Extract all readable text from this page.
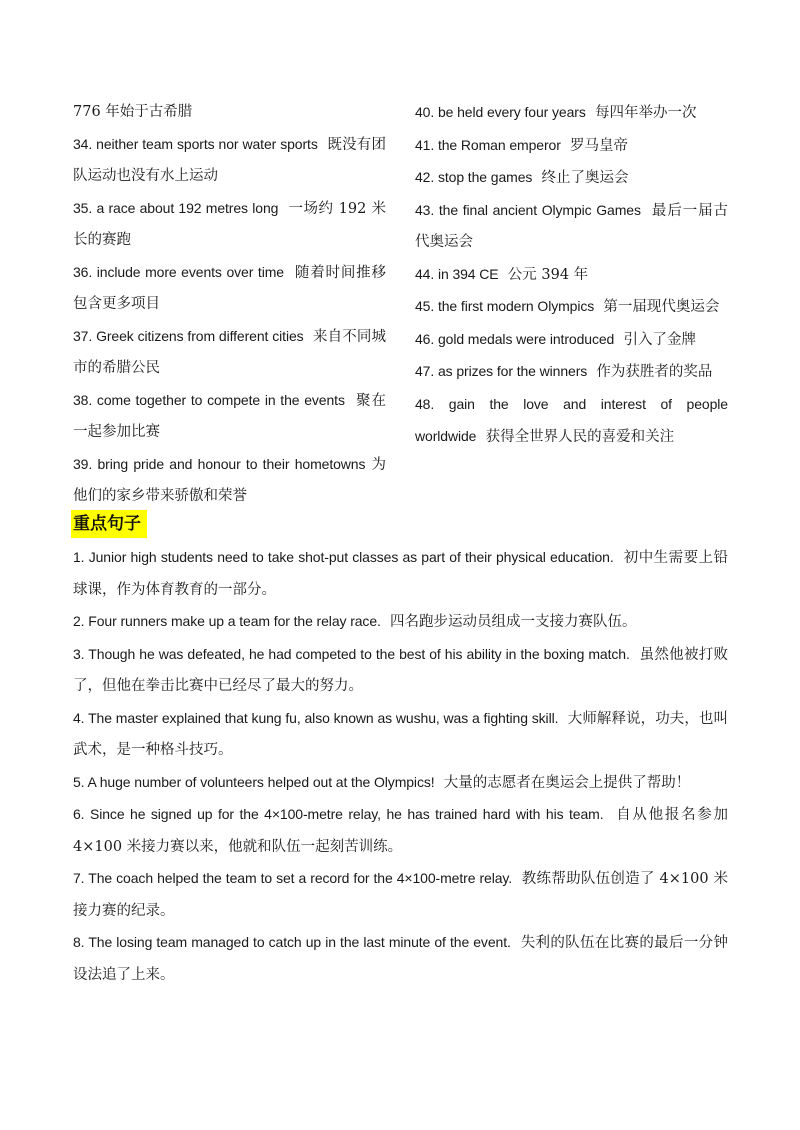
776 年始于古希腊
34. neither team sports nor water sports 既没有团队运动也没有水上运动
35. a race about 192 metres long 一场约 192 米长的赛跑
36. include more events over time 随着时间推移包含更多项目
37. Greek citizens from different cities 来自不同城市的希腊公民
38. come together to compete in the events 聚在一起参加比赛
39. bring pride and honour to their hometowns 为他们的家乡带来骄傲和荣誉
40. be held every four years 每四年举办一次
41. the Roman emperor 罗马皇帝
42. stop the games 终止了奥运会
43. the final ancient Olympic Games 最后一届古代奥运会
44. in 394 CE 公元 394 年
45. the first modern Olympics 第一届现代奥运会
46. gold medals were introduced 引入了金牌
47. as prizes for the winners 作为获胜者的奖品
48. gain the love and interest of people worldwide 获得全世界人民的喜爱和关注
重点句子
1. Junior high students need to take shot-put classes as part of their physical education. 初中生需要上铅球课，作为体育教育的一部分。
2. Four runners make up a team for the relay race. 四名跑步运动员组成一支接力赛队伍。
3. Though he was defeated, he had competed to the best of his ability in the boxing match. 虽然他被打败了，但他在拳击比赛中已经尽了最大的努力。
4. The master explained that kung fu, also known as wushu, was a fighting skill. 大师解释说，功夫，也叫武术，是一种格斗技巧。
5. A huge number of volunteers helped out at the Olympics! 大量的志愿者在奥运会上提供了帮助！
6. Since he signed up for the 4×100-metre relay, he has trained hard with his team. 自从他报名参加 4×100 米接力赛以来，他就和队伍一起刻苦训练。
7. The coach helped the team to set a record for the 4×100-metre relay. 教练帮助队伍创造了 4×100 米接力赛的纪录。
8. The losing team managed to catch up in the last minute of the event. 失利的队伍在比赛的最后一分钟设法追了上来。
